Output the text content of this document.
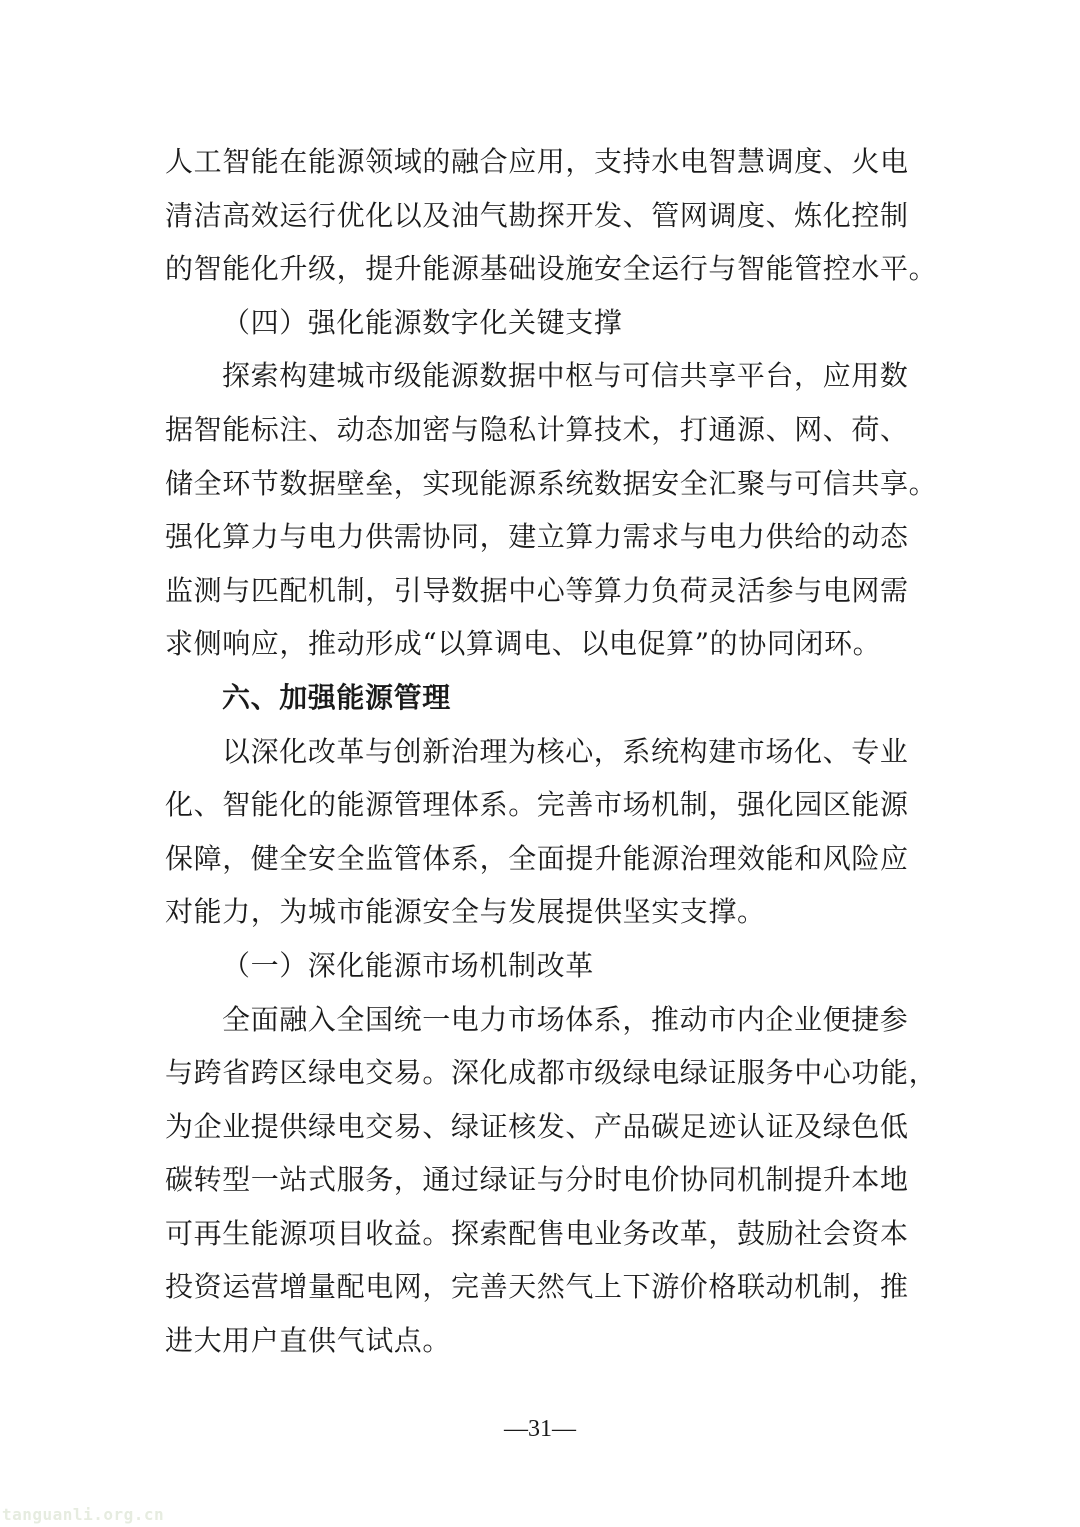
人工智能在能源领域的融合应用，支持水电智慧调度、火电
清洁高效运行优化以及油气勘探开发、管网调度、炼化控制
的智能化升级，提升能源基础设施安全运行与智能管控水平。
（四）强化能源数字化关键支撑
探索构建城市级能源数据中枢与可信共享平台，应用数
据智能标注、动态加密与隐私计算技术，打通源、网、荷、
储全环节数据壁垒，实现能源系统数据安全汇聚与可信共享。
强化算力与电力供需协同，建立算力需求与电力供给的动态
监测与匹配机制，引导数据中心等算力负荷灵活参与电网需
求侧响应，推动形成“以算调电、以电促算”的协同闭环。
六、加强能源管理
以深化改革与创新治理为核心，系统构建市场化、专业
化、智能化的能源管理体系。完善市场机制，强化园区能源
保障，健全安全监管体系，全面提升能源治理效能和风险应
对能力，为城市能源安全与发展提供坚实支撑。
（一）深化能源市场机制改革
全面融入全国统一电力市场体系，推动市内企业便捷参
与跨省跨区绿电交易。深化成都市级绿电绿证服务中心功能，
为企业提供绿电交易、绿证核发、产品碳足迹认证及绿色低
碳转型一站式服务，通过绿证与分时电价协同机制提升本地
可再生能源项目收益。探索配售电业务改革，鼓励社会资本
投资运营增量配电网，完善天然气上下游价格联动机制，推
进大用户直供气试点。
—31—
tanguanli.org.cn
